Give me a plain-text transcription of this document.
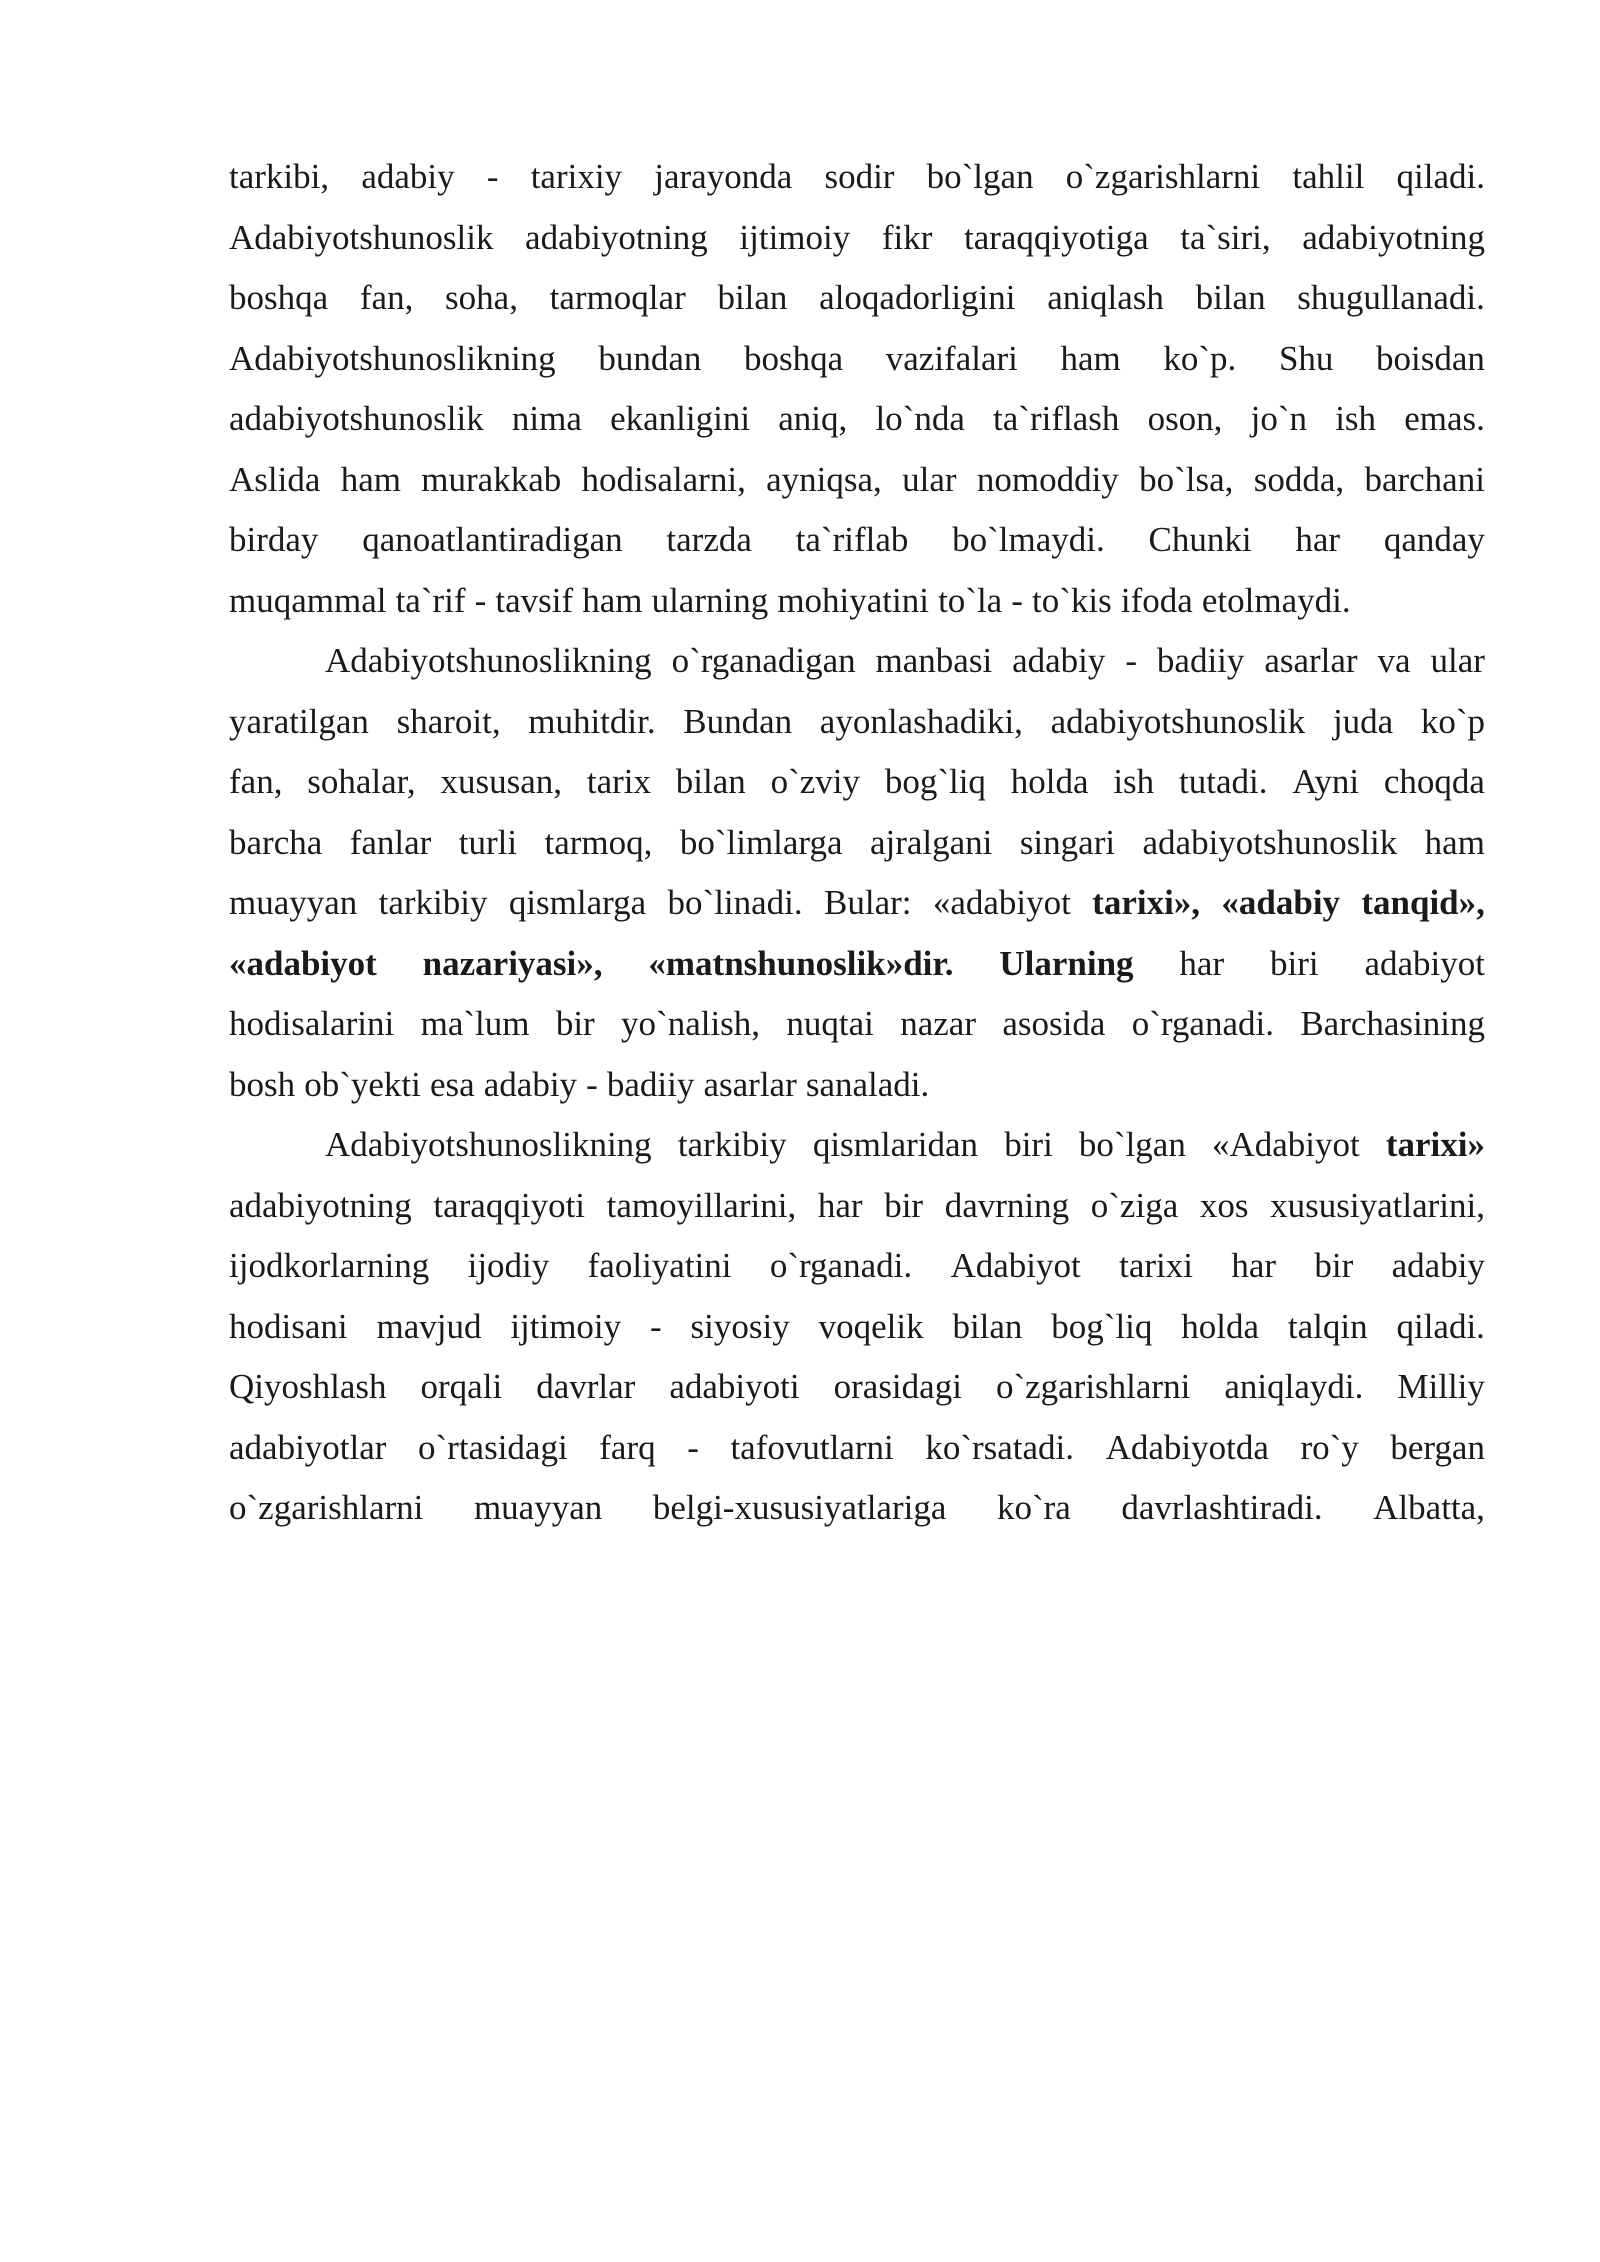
tarkibi, adabiy - tarixiy jarayonda sodir bo`lgan o`zgarishlarni tahlil qiladi.
Adabiyotshunoslik adabiyotning ijtimoiy fikr taraqqiyotiga ta`siri, adabiyotning
boshqa fan, soha, tarmoqlar bilan aloqadorligini aniqlash bilan shugullanadi.
Adabiyotshunoslikning bundan boshqa vazifalari ham ko`p. Shu boisdan
adabiyotshunoslik nima ekanligini aniq, lo`nda ta`riflash oson, jo`n ish emas.
Aslida ham murakkab hodisalarni, ayniqsa, ular nomoddiy bo`lsa, sodda, barchani
birday qanoatlantiradigan tarzda ta`riflab bo`lmaydi. Chunki har qanday
muqammal ta`rif - tavsif ham ularning mohiyatini to`la - to`kis ifoda etolmaydi.
Adabiyotshunoslikning o`rganadigan manbasi adabiy - badiiy asarlar va ular
yaratilgan sharoit, muhitdir. Bundan ayonlashadiki, adabiyotshunoslik juda ko`p
fan, sohalar, xususan, tarix bilan o`zviy bog`liq holda ish tutadi. Ayni choqda
barcha fanlar turli tarmoq, bo`limlarga ajralgani singari adabiyotshunoslik ham
muayyan tarkibiy qismlarga bo`linadi. Bular: «adabiyot tarixi», «adabiy tanqid»,
«adabiyot nazariyasi», «matnshunoslik»dir. Ularning har biri adabiyot
hodisalarini ma`lum bir yo`nalish, nuqtai nazar asosida o`rganadi. Barchasining
bosh ob`yekti esa adabiy - badiiy asarlar sanaladi.
Adabiyotshunoslikning tarkibiy qismlaridan biri bo`lgan «Adabiyot tarixi»
adabiyotning taraqqiyoti tamoyillarini, har bir davrning o`ziga xos xususiyatlarini,
ijodkorlarning ijodiy faoliyatini o`rganadi. Adabiyot tarixi har bir adabiy
hodisani mavjud ijtimoiy - siyosiy voqelik bilan bog`liq holda talqin qiladi.
Qiyoshlash orqali davrlar adabiyoti orasidagi o`zgarishlarni aniqlaydi. Milliy
adabiyotlar o`rtasidagi farq - tafovutlarni ko`rsatadi. Adabiyotda ro`y bergan
o`zgarishlarni muayyan belgi-xususiyatlariga ko`ra davrlashtiradi. Albatta,
